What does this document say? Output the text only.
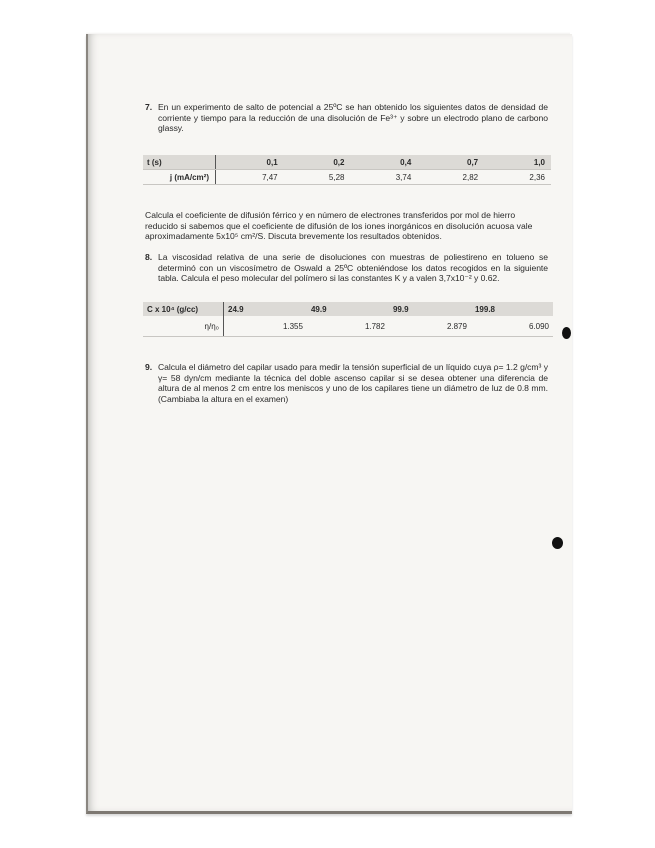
7. En un experimento de salto de potencial a 25ºC se han obtenido los siguientes datos de densidad de corriente y tiempo para la reducción de una disolución de Fe³⁺ y sobre un electrodo plano de carbono glassy.
t (s)	0,1	0,2	0,4	0,7	1,0
j (mA/cm²)	7,47	5,28	3,74	2,82	2,36
Calcula el coeficiente de difusión férrico y en número de electrones transferidos por mol de hierro reducido si sabemos que el coeficiente de difusión de los iones inorgánicos en disolución acuosa vale aproximadamente 5x10⁵ cm²/S. Discuta brevemente los resultados obtenidos.
8. La viscosidad relativa de una serie de disoluciones con muestras de poliestireno en tolueno se determinó con un viscosímetro de Oswald a 25ºC obteniéndose los datos recogidos en la siguiente tabla. Calcula el peso molecular del polímero si las constantes K y a valen 3,7x10⁻² y 0.62.
C x 10⁴ (g/cc)	24.9	49.9	99.9	199.8
η/η₀	1.355	1.782	2.879	6.090
9. Calcula el diámetro del capilar usado para medir la tensión superficial de un líquido cuya ρ= 1.2 g/cm³ y γ= 58 dyn/cm mediante la técnica del doble ascenso capilar si se desea obtener una diferencia de altura de al menos 2 cm entre los meniscos y uno de los capilares tiene un diámetro de luz de 0.8 mm. (Cambiaba la altura en el examen)
